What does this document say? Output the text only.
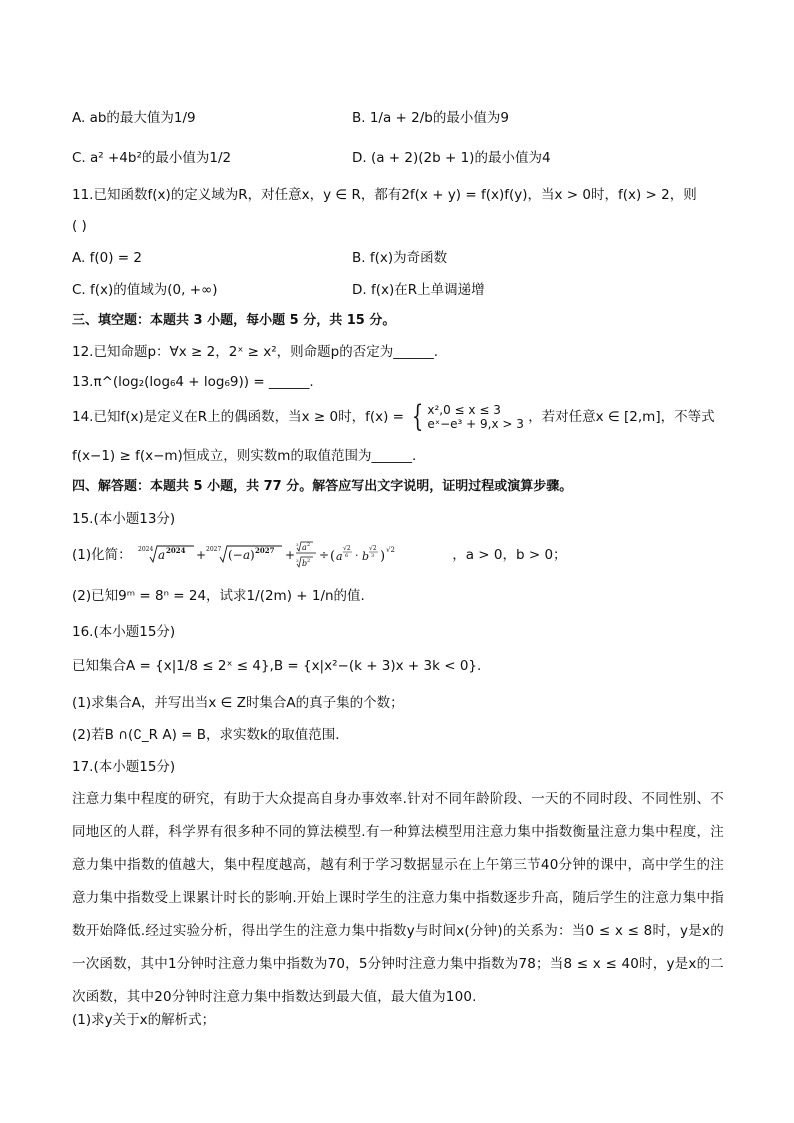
A. ab的最大值为1/9	B. 1/a + 2/b的最小值为9
C. a² +4b²的最小值为1/2	D. (a + 2)(2b + 1)的最小值为4
11.已知函数f(x)的定义域为R，对任意x，y ∈ R，都有2f(x + y) = f(x)f(y)，当x > 0时，f(x) > 2，则
( )
A. f(0) = 2	B. f(x)为奇函数
C. f(x)的值域为(0, +∞)	D. f(x)在R上单调递增
三、填空题：本题共 3 小题，每小题 5 分，共 15 分。
12.已知命题p：∀x ≥ 2，2ˣ ≥ x²，则命题p的否定为______.
13.π^(log₂(log₆4 + log₆9)) = ______.
14.已知f(x)是定义在R上的偶函数，当x ≥ 0时，f(x) = { x²,0 ≤ x ≤ 3
eˣ−e³ + 9,x > 3 ，若对任意x ∈ [2,m]，不等式
f(x−1) ≥ f(x−m)恒成立，则实数m的取值范围为______.
四、解答题：本题共 5 小题，共 77 分。解答应写出文字说明，证明过程或演算步骤。
15.(本小题13分)
(1)化简： 2024 a 2024 + 2027 (− a ) 2027 +
3 a 2
3 b 2 ÷ ( a
√2
6 · b
√2
3 ) √2	，a > 0，b > 0；
(2)已知9ᵐ = 8ⁿ = 24，试求1/(2m) + 1/n的值.
16.(本小题15分)
已知集合A = {x|1/8 ≤ 2ˣ ≤ 4},B = {x|x²−(k + 3)x + 3k < 0}.
(1)求集合A，并写出当x ∈ Z时集合A的真子集的个数；
(2)若B ∩(∁_R A) = B，求实数k的取值范围.
17.(本小题15分)
注意力集中程度的研究，有助于大众提高自身办事效率.针对不同年龄阶段、一天的不同时段、不同性别、不同地区的人群，科学界有很多种不同的算法模型.有一种算法模型用注意力集中指数衡量注意力集中程度，注意力集中指数的值越大，集中程度越高，越有利于学习数据显示在上午第三节40分钟的课中，高中学生的注意力集中指数受上课累计时长的影响.开始上课时学生的注意力集中指数逐步升高，随后学生的注意力集中指数开始降低.经过实验分析，得出学生的注意力集中指数y与时间x(分钟)的关系为：当0 ≤ x ≤ 8时，y是x的一次函数，其中1分钟时注意力集中指数为70，5分钟时注意力集中指数为78；当8 ≤ x ≤ 40时，y是x的二次函数，其中20分钟时注意力集中指数达到最大值，最大值为100.
(1)求y关于x的解析式；
